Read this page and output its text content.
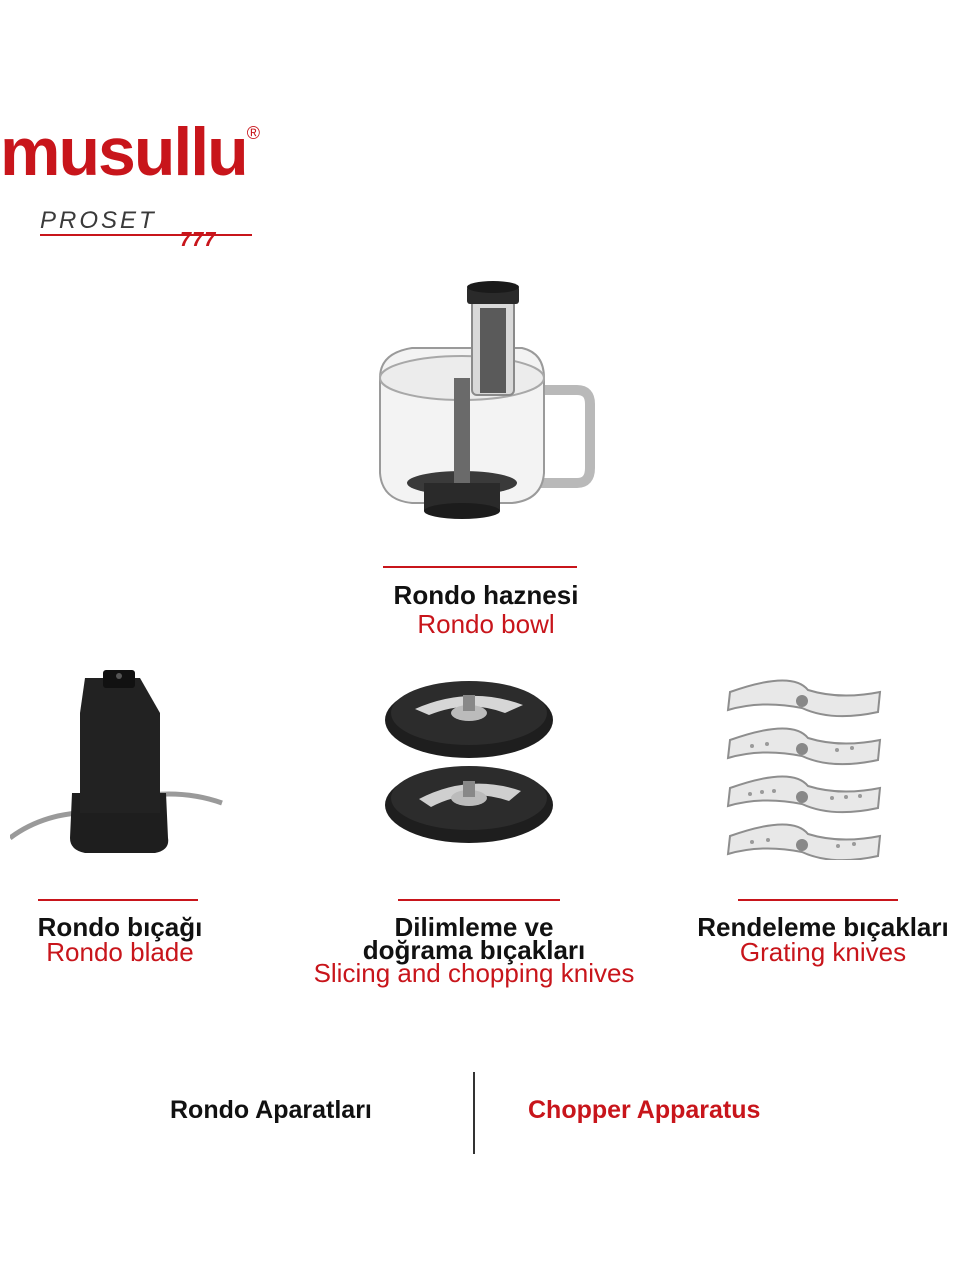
musullu®
PROSET
777
Rondo haznesi
Rondo bowl
Rondo bıçağı
Rondo blade
Dilimleme ve
doğrama bıçakları
Slicing and chopping knives
Rendeleme bıçakları
Grating knives
Rondo Aparatları	Chopper Apparatus
